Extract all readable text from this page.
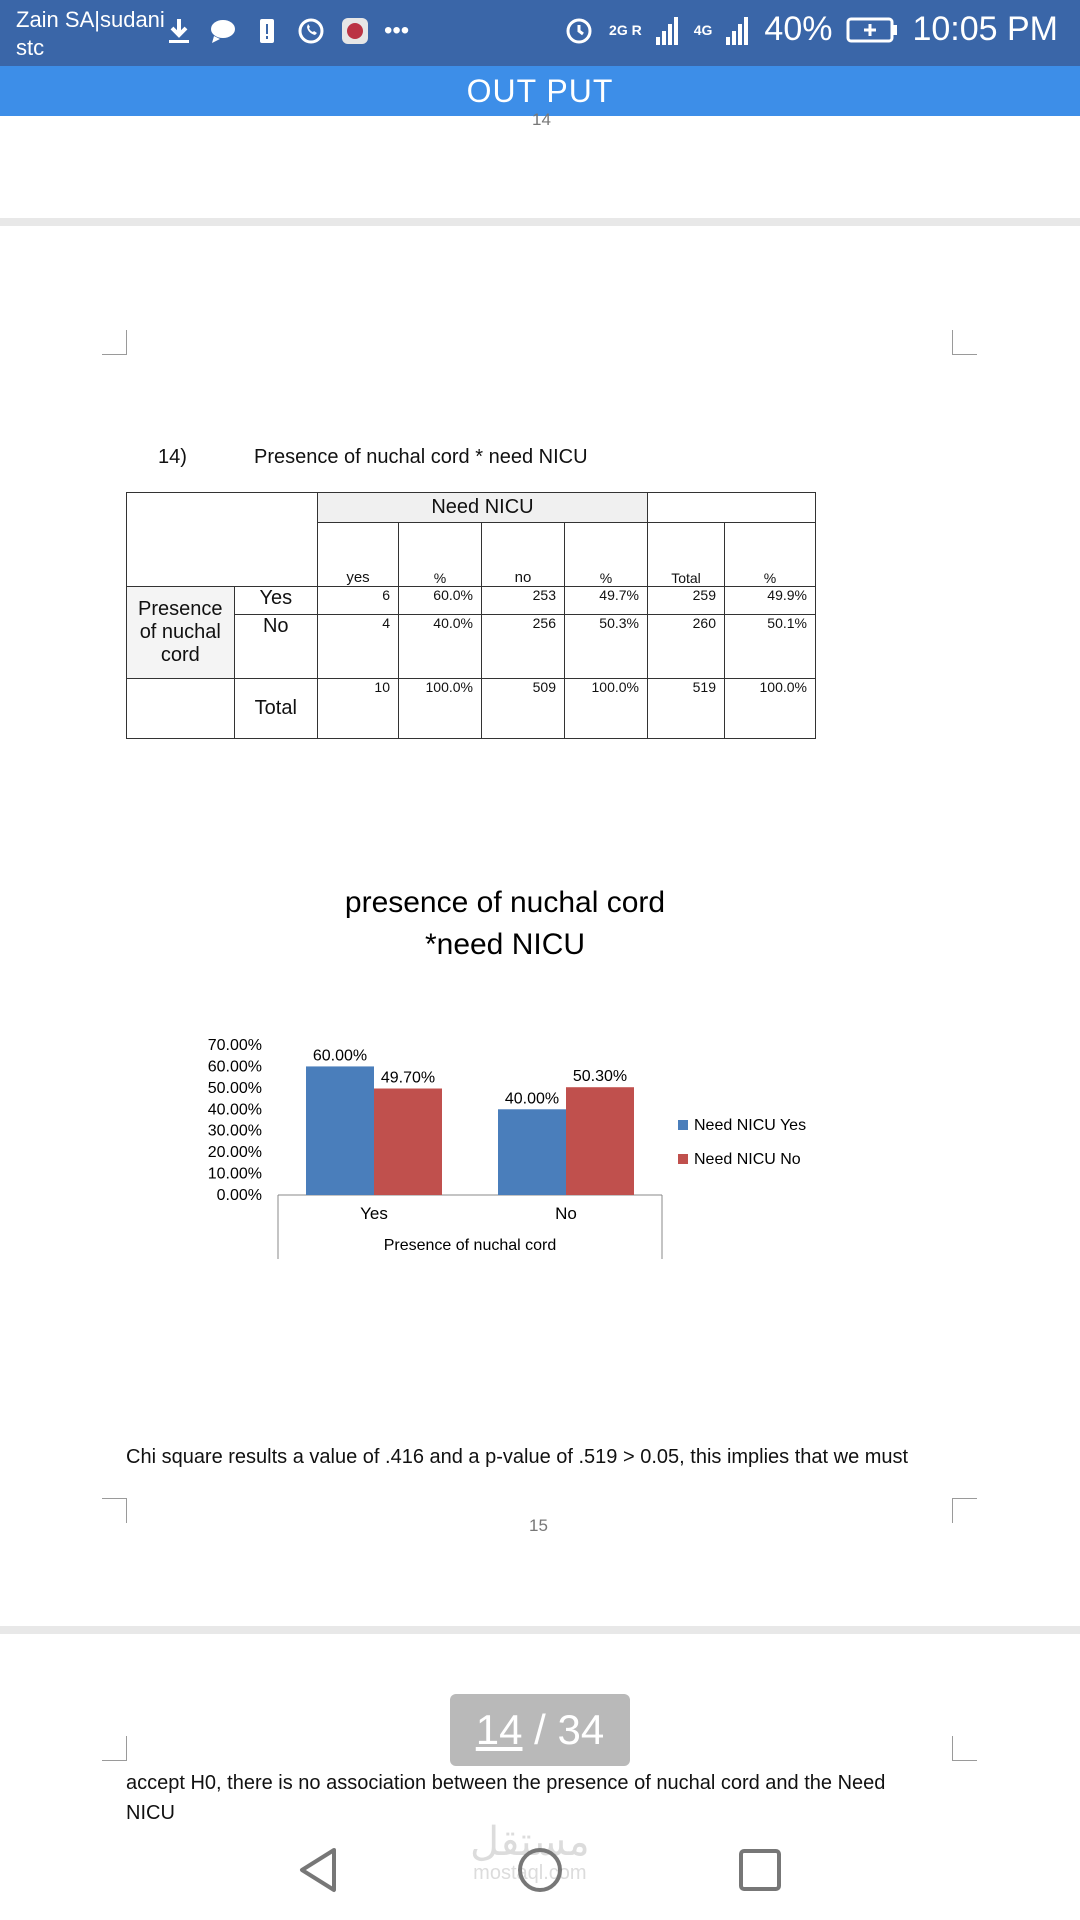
Zain SA|sudani
stc
•••	2G R	4G 40% 10:05 PM
OUT PUT
14
14)	Presence of nuchal cord * need NICU
		Need NICU					
		yes	%	no	%	Total	%
Presence of nuchal cord	Yes	6	60.0%	253	49.7%	259	49.9%
	No	4	40.0%	256	50.3%	260	50.1%
	Total	10	100.0%	509	100.0%	519	100.0%
presence of nuchal cord
*need NICU
0.00%
10.00%
20.00%
30.00%
40.00%
50.00%
60.00%
70.00%
60.00%
49.70%
Yes
40.00%
50.30%
No
Presence of nuchal cord
Need NICU Yes
Need NICU No
Chi square results a value of .416 and a p-value of .519 > 0.05, this implies that we must
15
accept H0, there is no association between the presence of nuchal cord and the Need
NICU
14 / 34
مستقل
mostaql.com
